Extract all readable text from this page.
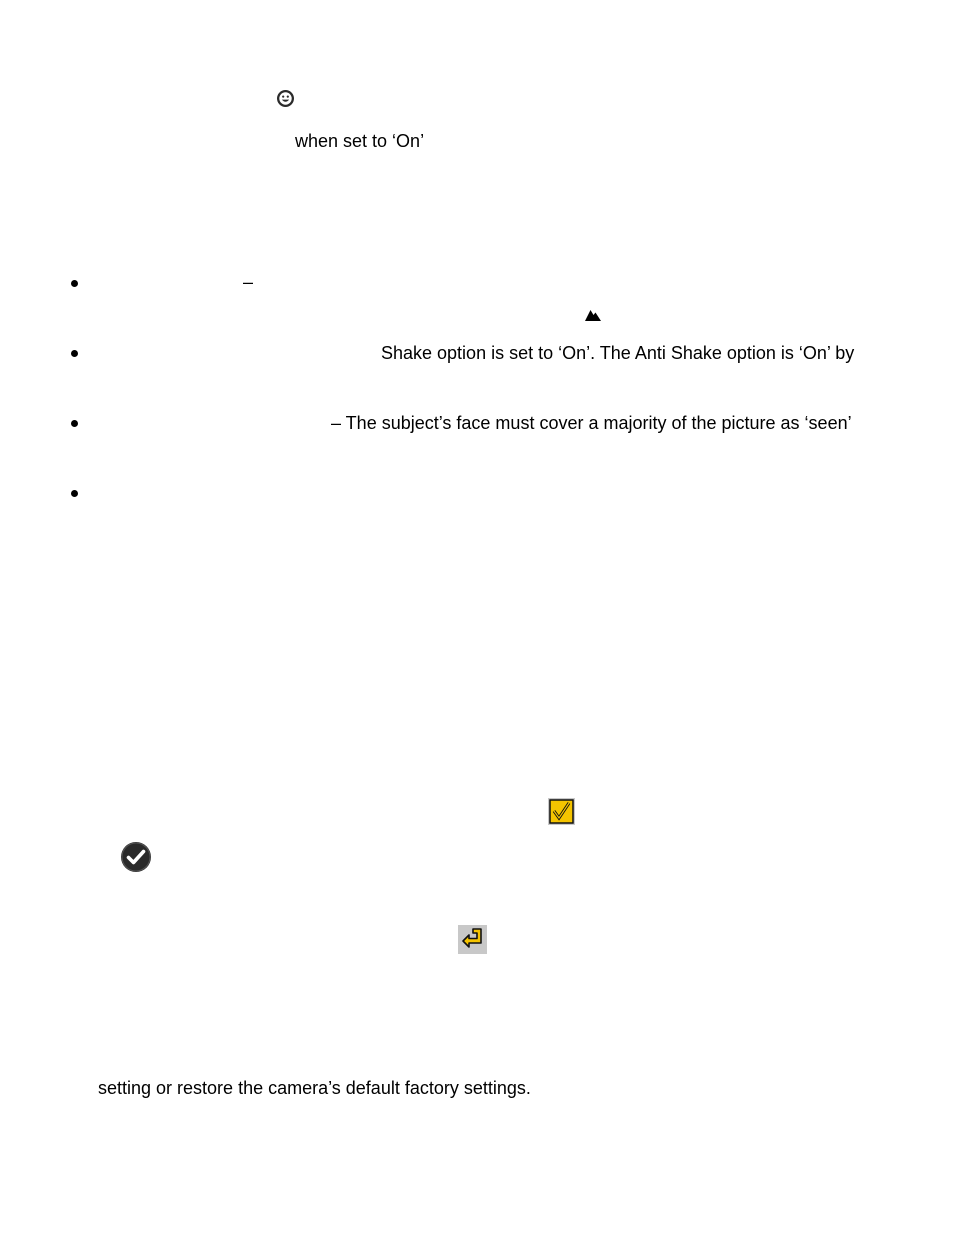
when set to ‘On’
–
Shake option is set to ‘On’. The Anti Shake option is ‘On’ by
– The subject’s face must cover a majority of the picture as ‘seen’
setting or restore the camera’s default factory settings.
